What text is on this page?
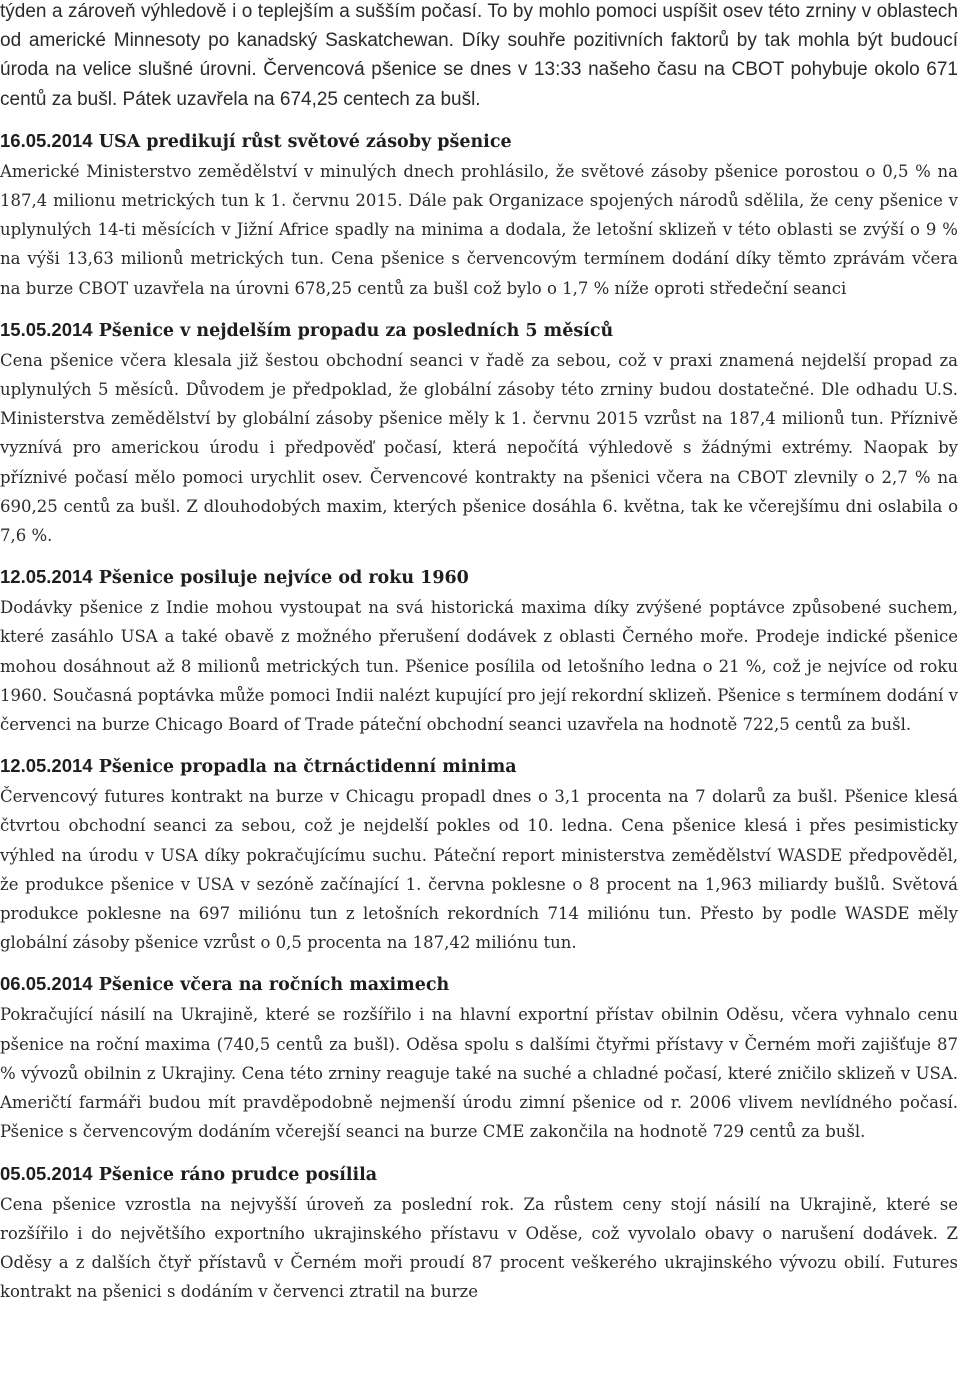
týden a zároveň výhledově i o teplejším a sušším počasí. To by mohlo pomoci uspíšit osev této zrniny v oblastech od americké Minnesoty po kanadský Saskatchewan. Díky souhře pozitivních faktorů by tak mohla být budoucí úroda na velice slušné úrovni. Červencová pšenice se dnes v 13:33 našeho času na CBOT pohybuje okolo 671 centů za bušl. Pátek uzavřela na 674,25 centech za bušl.

16.05.2014 USA predikují růst světové zásoby pšenice

Americké Ministerstvo zemědělství v minulých dnech prohlásilo, že světové zásoby pšenice porostou o 0,5 % na 187,4 milionu metrických tun k 1. červnu 2015. Dále pak Organizace spojených národů sdělila, že ceny pšenice v uplynulých 14-ti měsících v Jižní Africe spadly na minima a dodala, že letošní sklizeň v této oblasti se zvýší o 9 % na výši 13,63 milionů metrických tun. Cena pšenice s červencovým termínem dodání díky těmto zprávám včera na burze CBOT uzavřela na úrovni 678,25 centů za bušl což bylo o 1,7 % níže oproti středeční seanci

15.05.2014 Pšenice v nejdelším propadu za posledních 5 měsíců

Cena pšenice včera klesala již šestou obchodní seanci v řadě za sebou, což v praxi znamená nejdelší propad za uplynulých 5 měsíců. Důvodem je předpoklad, že globální zásoby této zrniny budou dostatečné. Dle odhadu U.S. Ministerstva zemědělství by globální zásoby pšenice měly k 1. červnu 2015 vzrůst na 187,4 milionů tun. Příznivě vyznívá pro americkou úrodu i předpověď počasí, která nepočítá výhledově s žádnými extrémy. Naopak by příznivé počasí mělo pomoci urychlit osev. Červencové kontrakty na pšenici včera na CBOT zlevnily o 2,7 % na 690,25 centů za bušl. Z dlouhodobých maxim, kterých pšenice dosáhla 6. května, tak ke včerejšímu dni oslabila o 7,6 %.

12.05.2014 Pšenice posiluje nejvíce od roku 1960

Dodávky pšenice z Indie mohou vystoupat na svá historická maxima díky zvýšené poptávce způsobené suchem, které zasáhlo USA a také obavě z možného přerušení dodávek z oblasti Černého moře. Prodeje indické pšenice mohou dosáhnout až 8 milionů metrických tun. Pšenice posílila od letošního ledna o 21 %, což je nejvíce od roku 1960. Současná poptávka může pomoci Indii nalézt kupující pro její rekordní sklizeň. Pšenice s termínem dodání v červenci na burze Chicago Board of Trade páteční obchodní seanci uzavřela na hodnotě 722,5 centů za bušl.

12.05.2014 Pšenice propadla na čtrnáctidenní minima

Červencový futures kontrakt na burze v Chicagu propadl dnes o 3,1 procenta na 7 dolarů za bušl. Pšenice klesá čtvrtou obchodní seanci za sebou, což je nejdelší pokles od 10. ledna. Cena pšenice klesá i přes pesimisticky výhled na úrodu v USA díky pokračujícímu suchu. Páteční report ministerstva zemědělství WASDE předpověděl, že produkce pšenice v USA v sezóně začínající 1. června poklesne o 8 procent na 1,963 miliardy bušlů. Světová produkce poklesne na 697 miliónu tun z letošních rekordních 714 miliónu tun. Přesto by podle WASDE měly globální zásoby pšenice vzrůst o 0,5 procenta na 187,42 miliónu tun.

06.05.2014 Pšenice včera na ročních maximech

Pokračující násilí na Ukrajině, které se rozšířilo i na hlavní exportní přístav obilnin Oděsu, včera vyhnalo cenu pšenice na roční maxima (740,5 centů za bušl). Oděsa spolu s dalšími čtyřmi přístavy v Černém moři zajišťuje 87 % vývozů obilnin z Ukrajiny. Cena této zrniny reaguje také na suché a chladné počasí, které zničilo sklizeň v USA. Američtí farmáři budou mít pravděpodobně nejmenší úrodu zimní pšenice od r. 2006 vlivem nevlídného počasí. Pšenice s červencovým dodáním včerejší seanci na burze CME zakončila na hodnotě 729 centů za bušl.

05.05.2014 Pšenice ráno prudce posílila

Cena pšenice vzrostla na nejvyšší úroveň za poslední rok. Za růstem ceny stojí násilí na Ukrajině, které se rozšířilo i do největšího exportního ukrajinského přístavu v Oděse, což vyvolalo obavy o narušení dodávek. Z Oděsy a z dalších čtyř přístavů v Černém moři proudí 87 procent veškerého ukrajinského vývozu obilí. Futures kontrakt na pšenici s dodáním v červenci ztratil na burze
